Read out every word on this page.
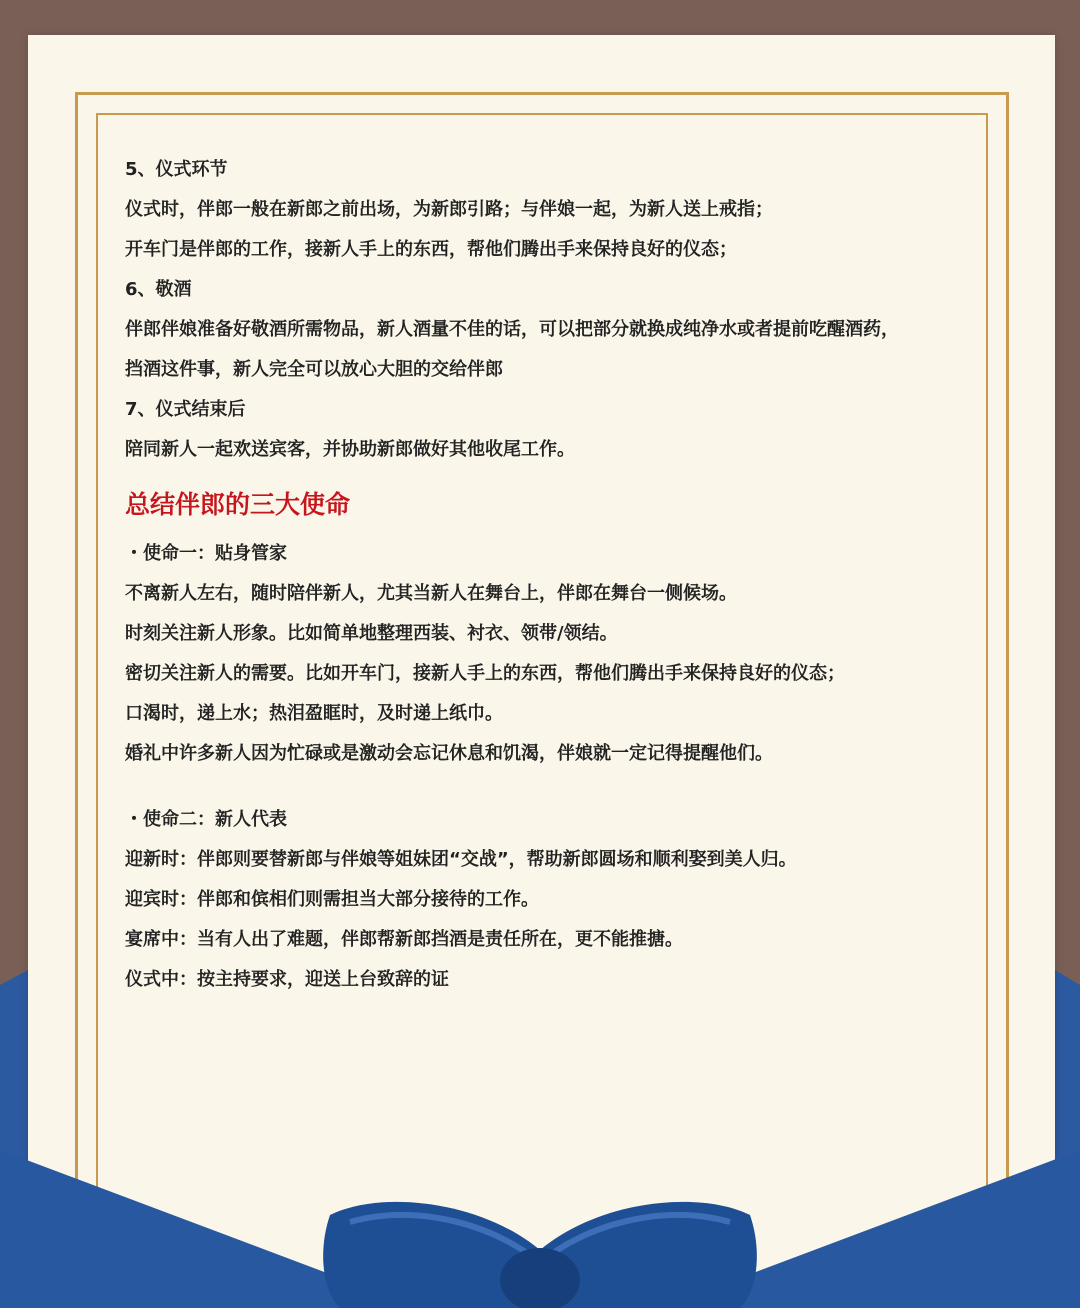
5、仪式环节
仪式时，伴郎一般在新郎之前出场，为新郎引路；与伴娘一起，为新人送上戒指；
开车门是伴郎的工作，接新人手上的东西，帮他们腾出手来保持良好的仪态；
6、敬酒
伴郎伴娘准备好敬酒所需物品，新人酒量不佳的话，可以把部分就换成纯净水或者提前吃醒酒药，
挡酒这件事，新人完全可以放心大胆的交给伴郎
7、仪式结束后
陪同新人一起欢送宾客，并协助新郎做好其他收尾工作。
总结伴郎的三大使命
・使命一：贴身管家
不离新人左右，随时陪伴新人，尤其当新人在舞台上，伴郎在舞台一侧候场。
时刻关注新人形象。比如简单地整理西装、衬衣、领带/领结。
密切关注新人的需要。比如开车门，接新人手上的东西，帮他们腾出手来保持良好的仪态；
口渴时，递上水；热泪盈眶时，及时递上纸巾。
婚礼中许多新人因为忙碌或是激动会忘记休息和饥渴，伴娘就一定记得提醒他们。
・使命二：新人代表
迎新时：伴郎则要替新郎与伴娘等姐妹团“交战”，帮助新郎圆场和顺利娶到美人归。
迎宾时：伴郎和傧相们则需担当大部分接待的工作。
宴席中：当有人出了难题，伴郎帮新郎挡酒是责任所在，更不能推搪。
仪式中：按主持要求，迎送上台致辞的证
